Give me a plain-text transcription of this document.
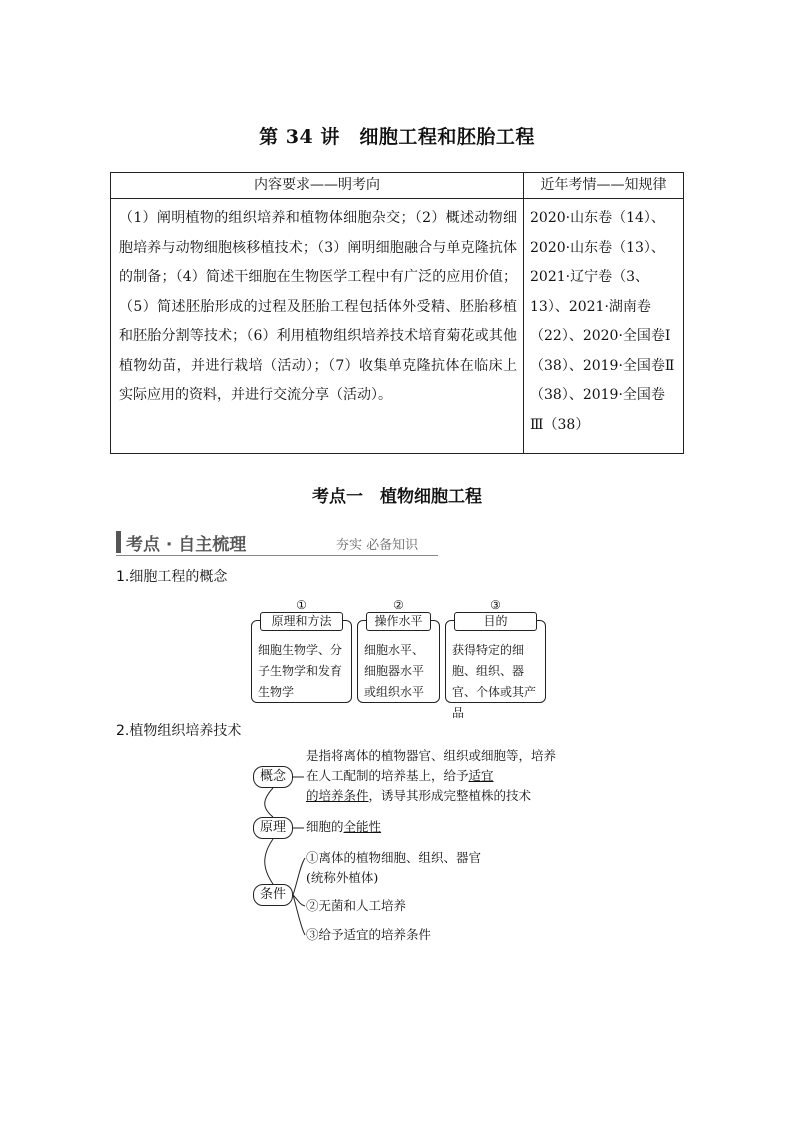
第 34 讲　细胞工程和胚胎工程
内容要求——明考向	近年考情——知规律
（1）阐明植物的组织培养和植物体细胞杂交；（2）概述动物细胞培养与动物细胞核移植技术；（3）阐明细胞融合与单克隆抗体的制备；（4）简述干细胞在生物医学工程中有广泛的应用价值；（5）简述胚胎形成的过程及胚胎工程包括体外受精、胚胎移植和胚胎分割等技术；（6）利用植物组织培养技术培育菊花或其他植物幼苗，并进行栽培（活动）；（7）收集单克隆抗体在临床上实际应用的资料，并进行交流分享（活动）。
2020·山东卷（14）、2020·山东卷（13）、2021·辽宁卷（3、13）、2021·湖南卷（22）、2020·全国卷Ⅰ（38）、2019·全国卷Ⅱ（38）、2019·全国卷Ⅲ（38）
考点一　植物细胞工程
考点 · 自主梳理	夯实 必备知识
1.细胞工程的概念
①
原理和方法
细胞生物学、分子生物学和发育生物学
②
操作水平
细胞水平、细胞器水平或组织水平
③
目的
获得特定的细胞、组织、器官、个体或其产品
2.植物组织培养技术
概念
原理
条件
是指将离体的植物器官、组织或细胞等，培养在人工配制的培养基上，给予适宜
的培养条件，诱导其形成完整植株的技术
细胞的全能性
①离体的植物细胞、组织、器官
(统称外植体)
②无菌和人工培养
③给予适宜的培养条件
